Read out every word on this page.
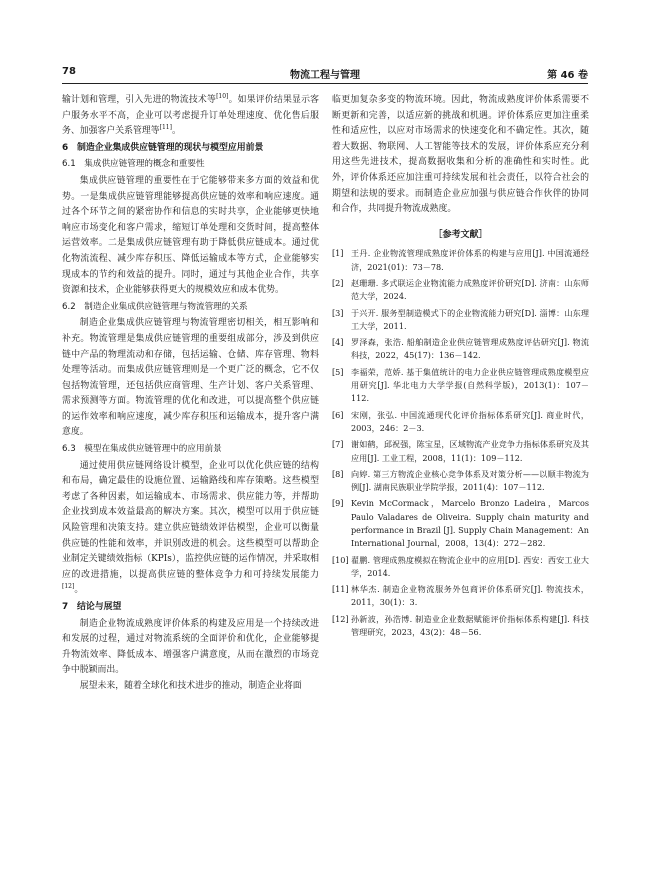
78	物流工程与管理	第 46 卷

输计划和管理，引入先进的物流技术等[10]。如果评价结果显示客户服务水平不高，企业可以考虑提升订单处理速度、优化售后服务、加强客户关系管理等[11]。

6　制造企业集成供应链管理的现状与模型应用前景
6.1　集成供应链管理的概念和重要性

集成供应链管理的重要性在于它能够带来多方面的效益和优势。一是集成供应链管理能够提高供应链的效率和响应速度。通过各个环节之间的紧密协作和信息的实时共享，企业能够更快地响应市场变化和客户需求，缩短订单处理和交货时间，提高整体运营效率。二是集成供应链管理有助于降低供应链成本。通过优化物流流程、减少库存积压、降低运输成本等方式，企业能够实现成本的节约和效益的提升。同时，通过与其他企业合作，共享资源和技术，企业能够获得更大的规模效应和成本优势。

6.2　制造企业集成供应链管理与物流管理的关系

制造企业集成供应链管理与物流管理密切相关，相互影响和补充。物流管理是集成供应链管理的重要组成部分，涉及到供应链中产品的物理流动和存储，包括运输、仓储、库存管理、物料处理等活动。而集成供应链管理则是一个更广泛的概念，它不仅包括物流管理，还包括供应商管理、生产计划、客户关系管理、需求预测等方面。物流管理的优化和改进，可以提高整个供应链的运作效率和响应速度，减少库存积压和运输成本，提升客户满意度。

6.3　模型在集成供应链管理中的应用前景

通过使用供应链网络设计模型，企业可以优化供应链的结构和布局，确定最佳的设施位置、运输路线和库存策略。这些模型考虑了各种因素，如运输成本、市场需求、供应能力等，并帮助企业找到成本效益最高的解决方案。其次，模型可以用于供应链风险管理和决策支持。建立供应链绩效评估模型，企业可以衡量供应链的性能和效率，并识别改进的机会。这些模型可以帮助企业制定关键绩效指标（KPIs），监控供应链的运作情况，并采取相应的改进措施，以提高供应链的整体竞争力和可持续发展能力[12]。

7　结论与展望

制造企业物流成熟度评价体系的构建及应用是一个持续改进和发展的过程，通过对物流系统的全面评价和优化，企业能够提升物流效率、降低成本、增强客户满意度，从而在激烈的市场竞争中脱颖而出。

展望未来，随着全球化和技术进步的推动，制造企业将面

临更加复杂多变的物流环境。因此，物流成熟度评价体系需要不断更新和完善，以适应新的挑战和机遇。评价体系应更加注重柔性和适应性，以应对市场需求的快速变化和不确定性。其次，随着大数据、物联网、人工智能等技术的发展，评价体系应充分利用这些先进技术，提高数据收集和分析的准确性和实时性。此外，评价体系还应加注重可持续发展和社会责任，以符合社会的期望和法规的要求。而制造企业应加强与供应链合作伙伴的协同和合作，共同提升物流成熟度。

［参考文献］
[1] 王丹. 企业物流管理成熟度评价体系的构建与应用[J]. 中国流通经济，2021(01)：73－78.
[2] 赵珊珊. 多式联运企业物流能力成熟度评价研究[D]. 济南：山东师范大学，2024.
[3] 于兴开. 服务型制造模式下的企业物流能力研究[D]. 淄博：山东理工大学，2011.
[4] 罗泽森，张浩. 船舶制造企业供应链管理成熟度评估研究[J]. 物流科技，2022，45(17)：136－142.
[5] 李福荣，范娇. 基于集值统计的电力企业供应链管理成熟度模型应用研究[J]. 华北电力大学学报(自然科学版)，2013(1)：107－112.
[6] 宋刚，张弘. 中国流通现代化评价指标体系研究[J]. 商业时代，2003，246：2－3.
[7] 谢如鹤，邱祝强，陈宝星，区域物流产业竞争力指标体系研究及其应用[J]. 工业工程，2008，11(1)：109－112.
[8] 向婷. 第三方物流企业核心竞争体系及对策分析——以顺丰物流为例[J]. 湖南民族职业学院学报，2011(4)：107－112.
[9] Kevin McCormack，Marcelo Bronzo Ladeira，Marcos Paulo Valadares de Oliveira. Supply chain maturity and performance in Brazil [J]. Supply Chain Management：An International Journal，2008，13(4)：272－282.
[10] 翟鹏. 管理成熟度模拟在物流企业中的应用[D]. 西安：西安工业大学，2014.
[11] 林华杰. 制造企业物流服务外包商评价体系研究[J]. 物流技术，2011，30(1)：3.
[12] 孙新波，孙浩博. 制造业企业数据赋能评价指标体系构建[J]. 科技管理研究，2023，43(2)：48－56.
